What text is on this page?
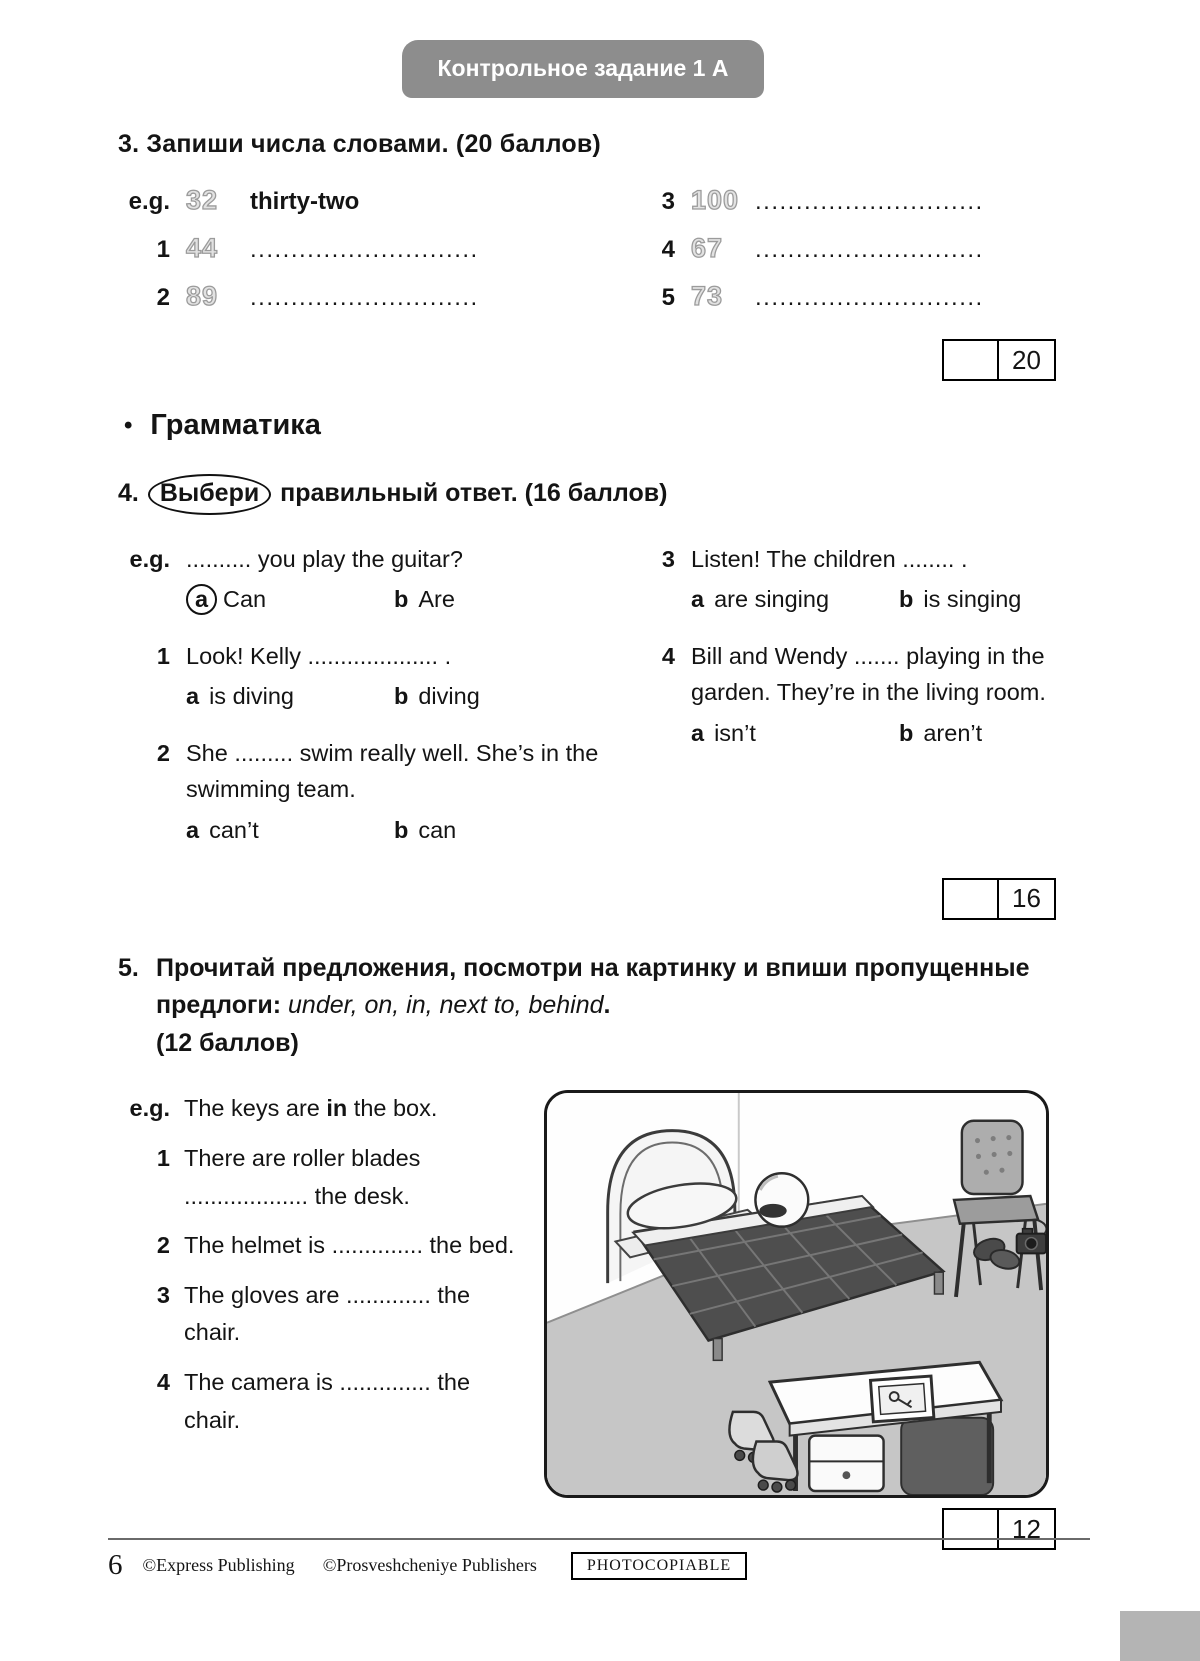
Контрольное задание 1 А
3. Запиши числа словами. (20 баллов)
e.g. 32	thirty-two
1 44	............................
2 89	............................
3 100 ............................
4 67	............................
5 73	............................
20
• Грамматика
4. Выбери правильный ответ. (16 баллов)
e.g. .......... you play the guitar?
a Can	b Are
1 Look! Kelly .................... .
a is diving	b diving
2 She ......... swim really well. She’s in the swimming team.
a can’t	b can
3 Listen! The children ........ .
a are singing	b is singing
4 Bill and Wendy ....... playing in the garden. They’re in the living room.
a isn’t	b aren’t
16
5. Прочитай предложения, посмотри на картинку и впиши пропущенные предлоги: under, on, in, next to, behind.
(12 баллов)
e.g. The keys are in the box.
1 There are roller blades ................... the desk.
2 The helmet is .............. the bed.
3 The gloves are ............. the chair.
4 The camera is .............. the chair.
12
6 ©Express Publishing ©Prosveshcheniye Publishers	PHOTOCOPIABLE
